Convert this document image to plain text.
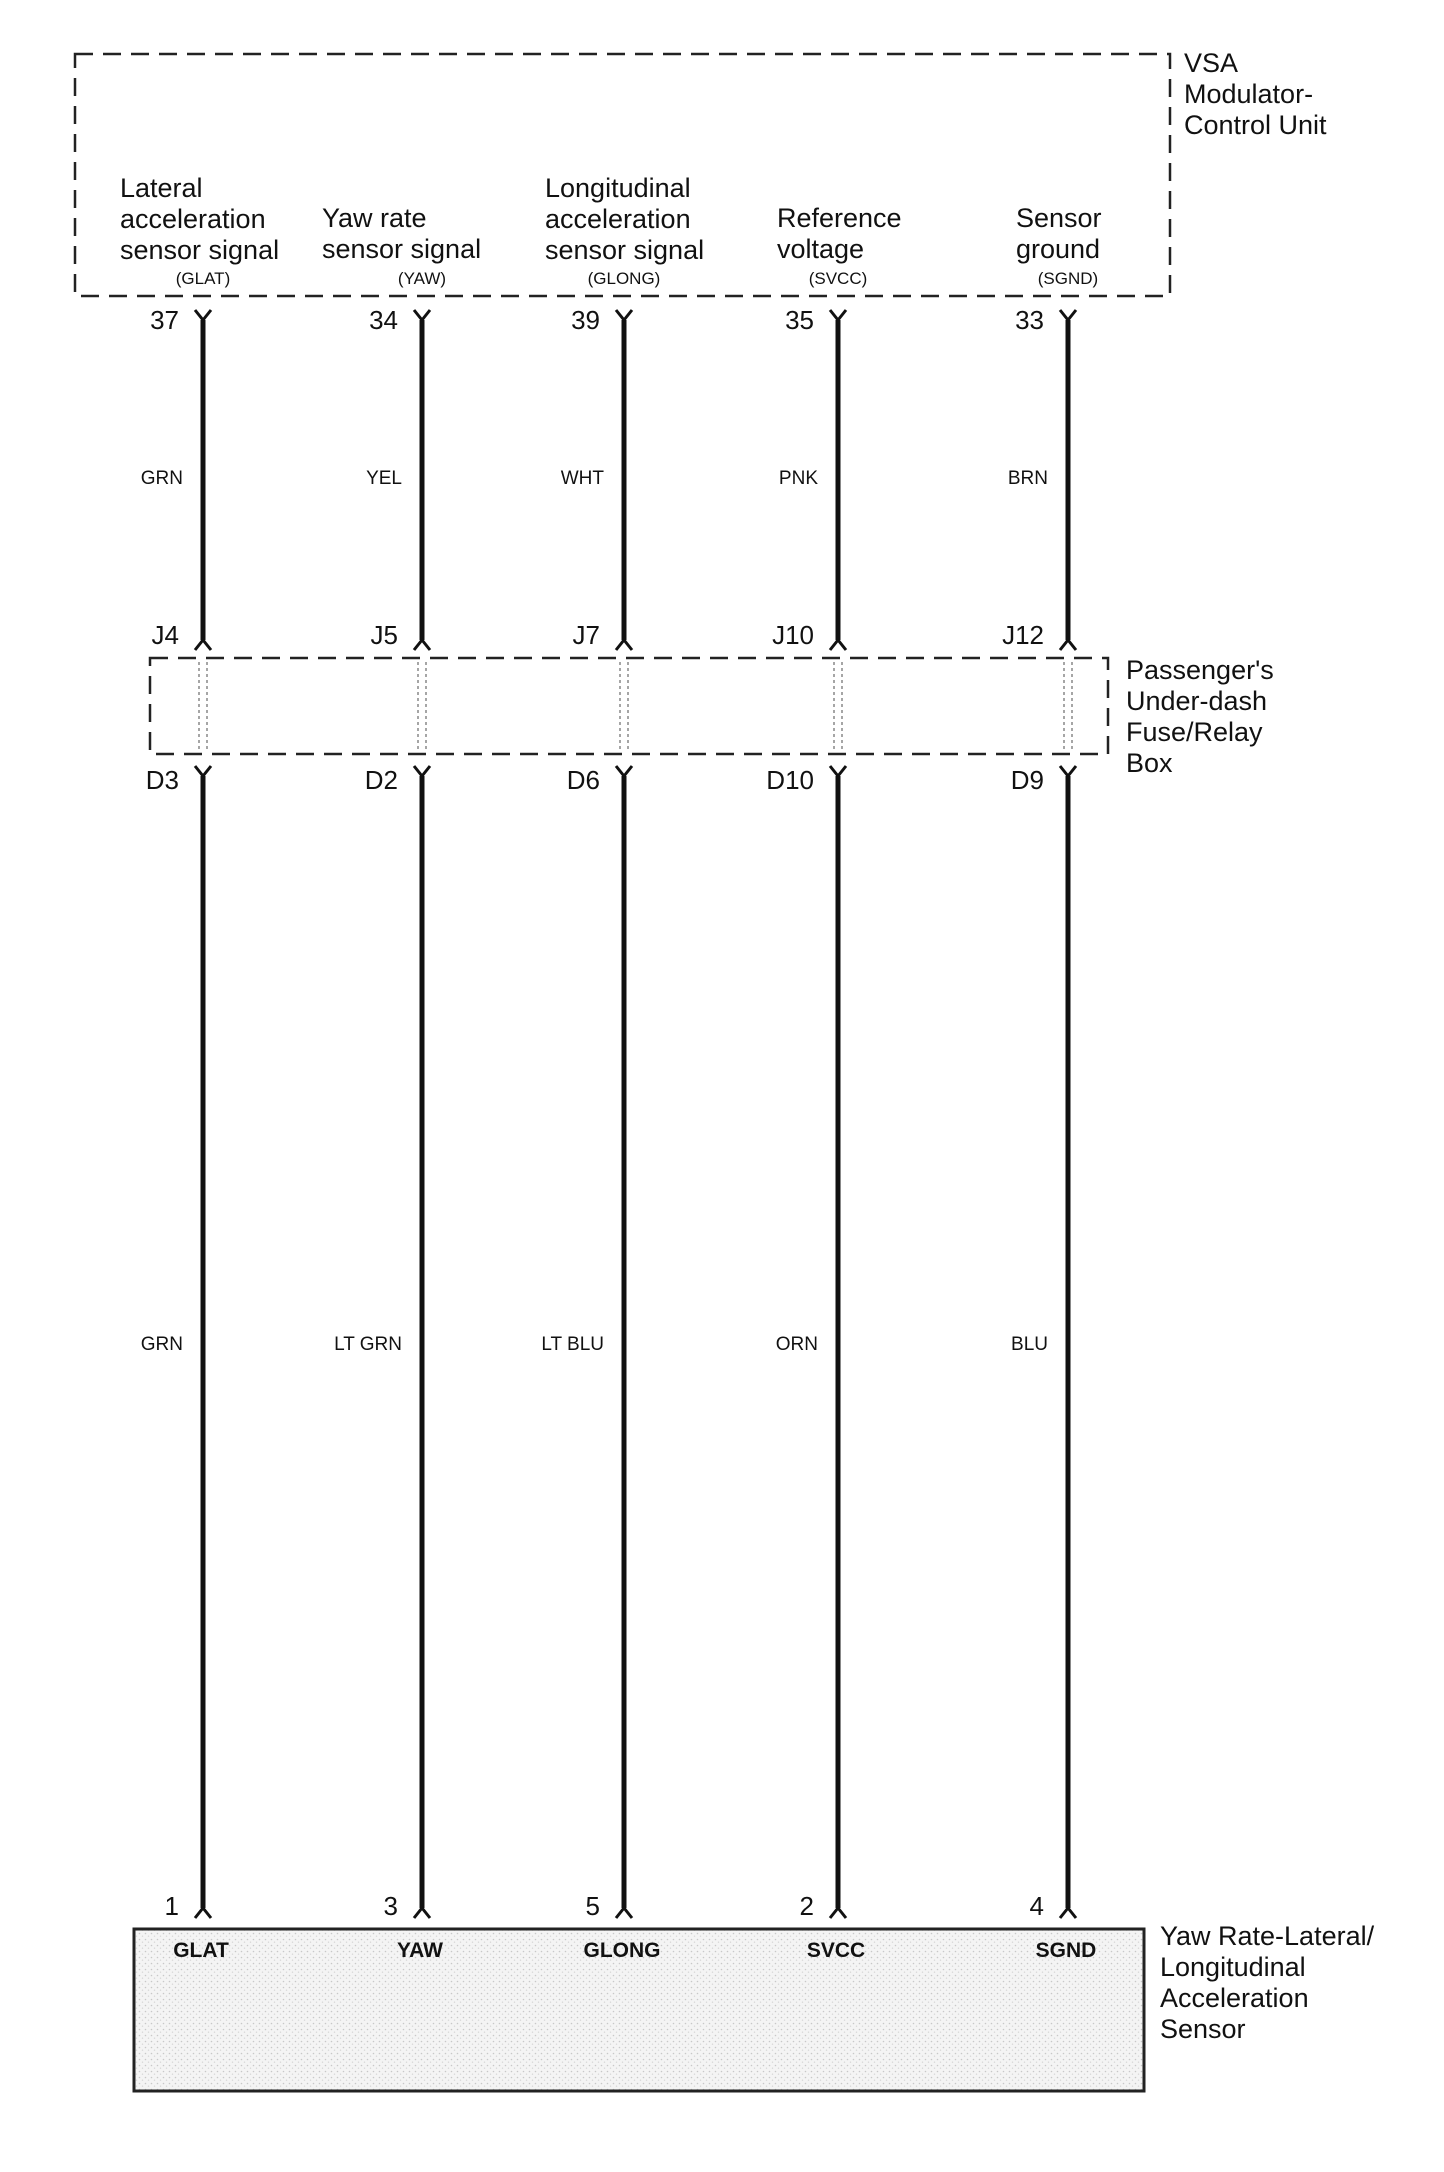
VSA Modulator- Control Unit
Passenger's Under-dash Fuse/Relay Box
Yaw Rate-Lateral/ Longitudinal Acceleration Sensor
Lateral
acceleration
sensor signal
(GLAT)
37
GRN
J4
D3
GRN
1
GLAT
Yaw rate
sensor signal
(YAW)
34
YEL
J5
D2
LT GRN
3
YAW
Longitudinal
acceleration
sensor signal
(GLONG)
39
WHT
J7
D6
LT BLU
5
GLONG
Reference
voltage
(SVCC)
35
PNK
J10
D10
ORN
2
SVCC
Sensor
ground
(SGND)
33
BRN
J12
D9
BLU
4
SGND
